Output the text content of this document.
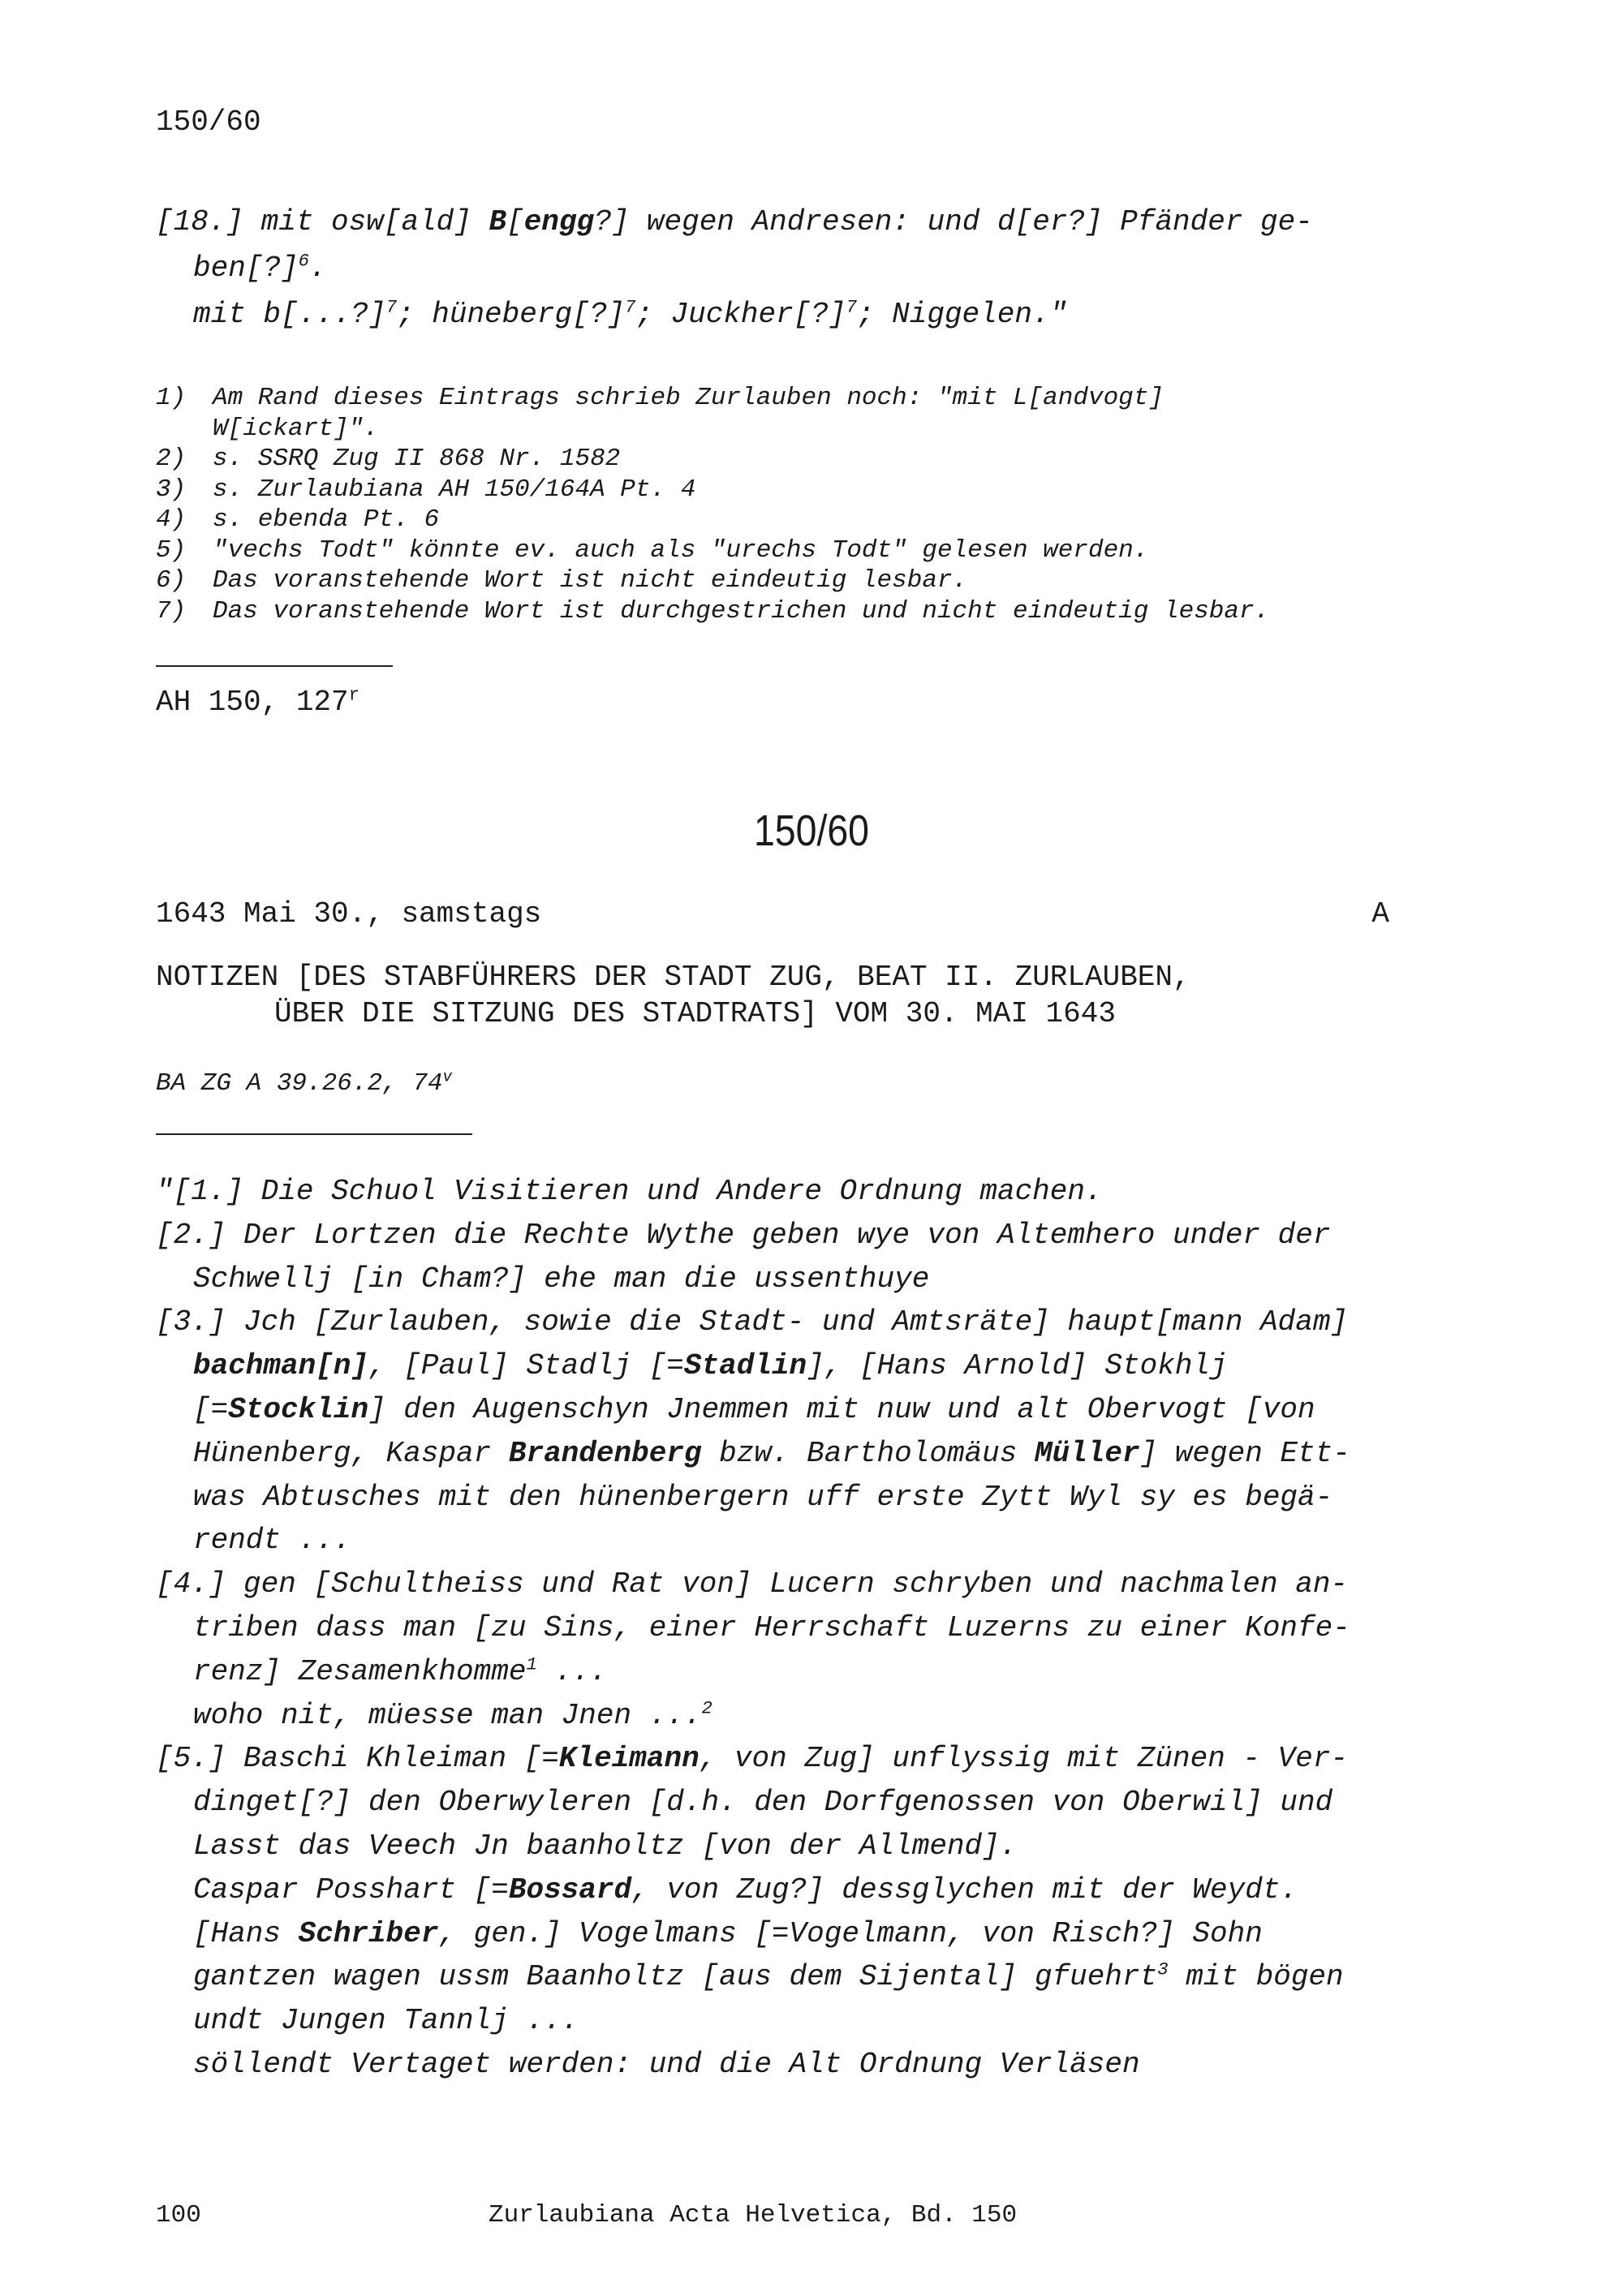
150/60
[18.] mit osw[ald] B[engg?] wegen Andresen: und d[er?] Pfänder ge-
ben[?]$^6$.
mit b[...?]$^7$; hüneberg[?]$^7$; Juckher[?]$^7$; Niggelen."
1)	Am Rand dieses Eintrags schrieb Zurlauben noch: "mit L[andvogt]
W[ickart]".
2)	s. SSRQ Zug II 868 Nr. 1582
3)	s. Zurlaubiana AH 150/164A Pt. 4
4)	s. ebenda Pt. 6
5)	"vechs Todt" könnte ev. auch als "urechs Todt" gelesen werden.
6)	Das voranstehende Wort ist nicht eindeutig lesbar.
7)	Das voranstehende Wort ist durchgestrichen und nicht eindeutig lesbar.
AH 150, 127$^r$
150/60
1643 Mai 30., samstags	A
NOTIZEN [DES STABFÜHRERS DER STADT ZUG, BEAT II. ZURLAUBEN,
ÜBER DIE SITZUNG DES STADTRATS] VOM 30. MAI 1643
BA ZG A 39.26.2, 74$^v$
"[1.] Die Schuol Visitieren und Andere Ordnung machen.
[2.] Der Lortzen die Rechte Wythe geben wye von Altemhero under der
Schwellj [in Cham?] ehe man die ussenthuye
[3.] Jch [Zurlauben, sowie die Stadt- und Amtsräte] haupt[mann Adam]
bachman[n], [Paul] Stadlj [=Stadlin], [Hans Arnold] Stokhlj
[=Stocklin] den Augenschyn Jnemmen mit nuw und alt Obervogt [von
Hünenberg, Kaspar Brandenberg bzw. Bartholomäus Müller] wegen Ett-
was Abtusches mit den hünenbergern uff erste Zytt Wyl sy es begä-
rendt ...
[4.] gen [Schultheiss und Rat von] Lucern schryben und nachmalen an-
triben dass man [zu Sins, einer Herrschaft Luzerns zu einer Konfe-
renz] Zesamenkhomme$^1$ ...
woho nit, müesse man Jnen ...$^2$
[5.] Baschi Khleiman [=Kleimann, von Zug] unflyssig mit Zünen - Ver-
dinget[?] den Oberwyleren [d.h. den Dorfgenossen von Oberwil] und
Lasst das Veech Jn baanholtz [von der Allmend].
Caspar Posshart [=Bossard, von Zug?] dessglychen mit der Weydt.
[Hans Schriber, gen.] Vogelmans [=Vogelmann, von Risch?] Sohn
gantzen wagen ussm Baanholtz [aus dem Sijental] gfuehrt$^3$ mit bögen
undt Jungen Tannlj ...
söllendt Vertaget werden: und die Alt Ordnung Verläsen
100	Zurlaubiana Acta Helvetica, Bd. 150
